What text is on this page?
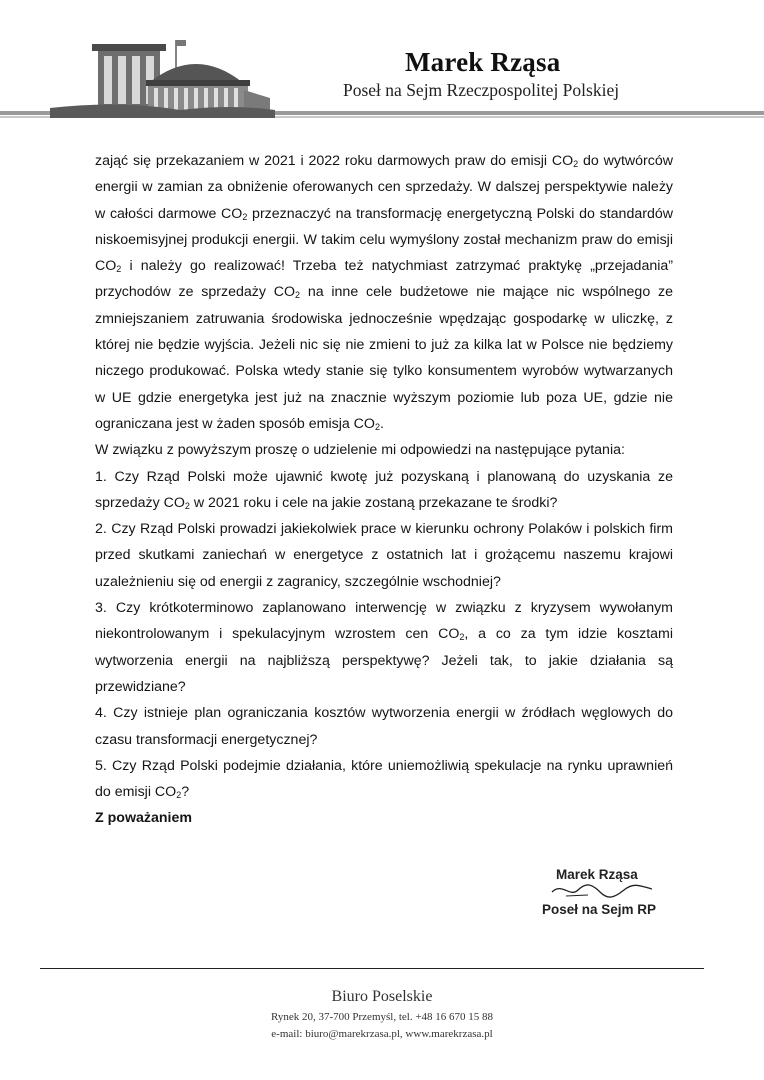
Marek Rząsa
Poseł na Sejm Rzeczpospolitej Polskiej

zająć się przekazaniem w 2021 i 2022 roku darmowych praw do emisji $CO_2$ do wytwórców energii w zamian za obniżenie oferowanych cen sprzedaży. W dalszej perspektywie należy w całości darmowe $CO_2$ przeznaczyć na transformację energetyczną Polski do standardów niskoemisyjnej produkcji energii. W takim celu wymyślony został mechanizm praw do emisji $CO_2$ i należy go realizować! Trzeba też natychmiast zatrzymać praktykę „przejadania” przychodów ze sprzedaży $CO_2$ na inne cele budżetowe nie mające nic wspólnego ze zmniejszaniem zatruwania środowiska jednocześnie wpędzając gospodarkę w uliczkę, z której nie będzie wyjścia. Jeżeli nic się nie zmieni to już za kilka lat w Polsce nie będziemy niczego produkować. Polska wtedy stanie się tylko konsumentem wyrobów wytwarzanych w UE gdzie energetyka jest już na znacznie wyższym poziomie lub poza UE, gdzie nie ograniczana jest w żaden sposób emisja $CO_2$.

W związku z powyższym proszę o udzielenie mi odpowiedzi na następujące pytania:

1. Czy Rząd Polski może ujawnić kwotę już pozyskaną i planowaną do uzyskania ze sprzedaży $CO_2$ w 2021 roku i cele na jakie zostaną przekazane te środki?

2. Czy Rząd Polski prowadzi jakiekolwiek prace w kierunku ochrony Polaków i polskich firm przed skutkami zaniechań w energetyce z ostatnich lat i grożącemu naszemu krajowi uzależnieniu się od energii z zagranicy, szczególnie wschodniej?

3. Czy krótkoterminowo zaplanowano interwencję w związku z kryzysem wywołanym niekontrolowanym i spekulacyjnym wzrostem cen $CO_2$, a co za tym idzie kosztami wytworzenia energii na najbliższą perspektywę? Jeżeli tak, to jakie działania są przewidziane?

4. Czy istnieje plan ograniczania kosztów wytworzenia energii w źródłach węglowych do czasu transformacji energetycznej?

5. Czy Rząd Polski podejmie działania, które uniemożliwią spekulacje na rynku uprawnień do emisji $CO_2$?

Z poważaniem

Marek Rząsa
Poseł na Sejm RP
Biuro Poselskie
Rynek 20, 37-700 Przemyśl, tel. +48 16 670 15 88
e-mail: biuro@marekrzasa.pl, www.marekrzasa.pl
